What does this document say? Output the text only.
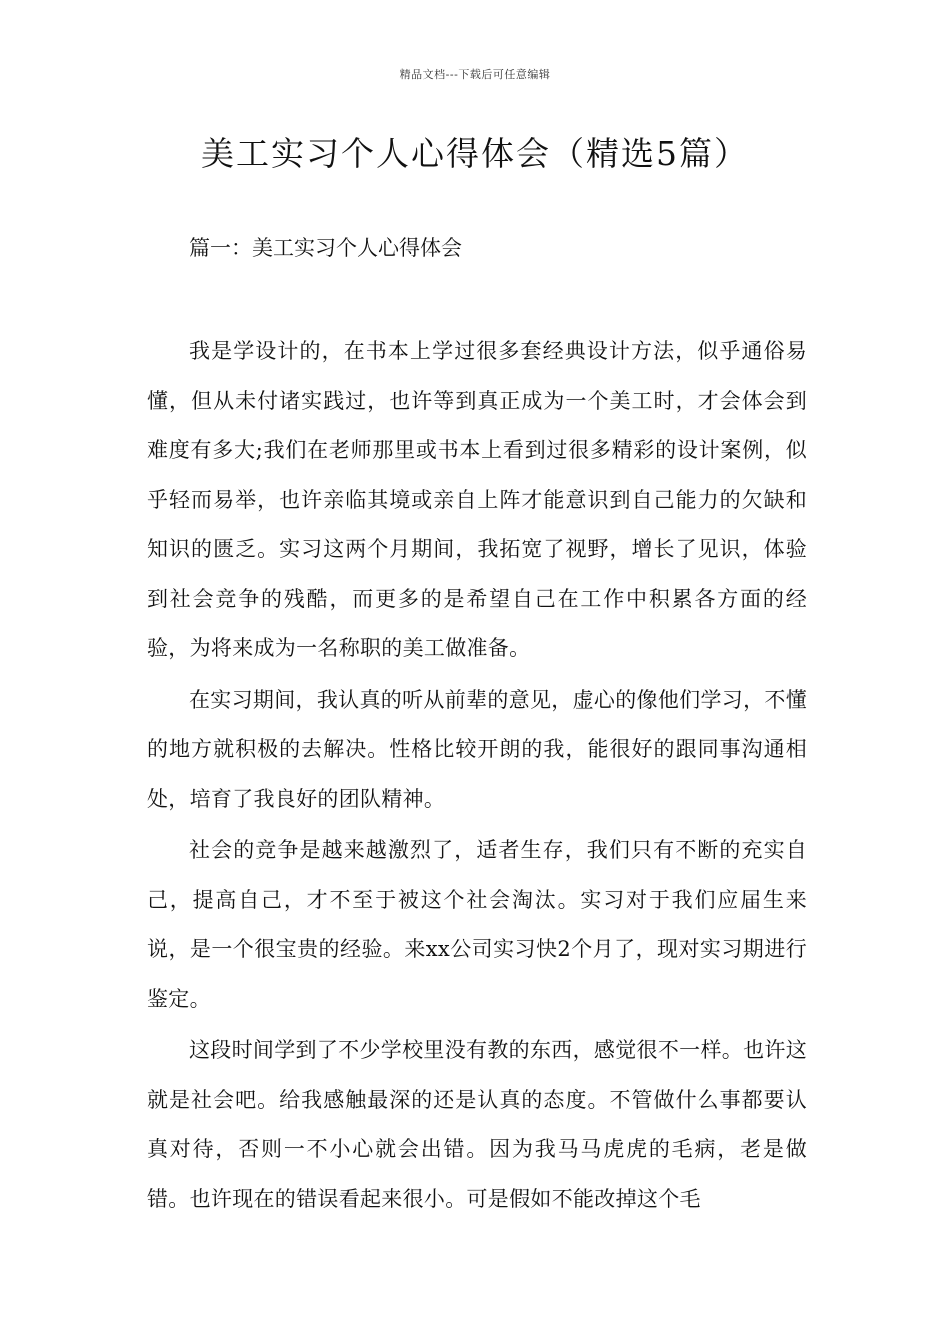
精品文档---下载后可任意编辑
美工实习个人心得体会（精选5篇）
篇一：美工实习个人心得体会

我是学设计的，在书本上学过很多套经典设计方法，似乎通俗易懂，但从未付诸实践过，也许等到真正成为一个美工时，才会体会到难度有多大;我们在老师那里或书本上看到过很多精彩的设计案例，似乎轻而易举，也许亲临其境或亲自上阵才能意识到自己能力的欠缺和知识的匮乏。实习这两个月期间，我拓宽了视野，增长了见识，体验到社会竞争的残酷，而更多的是希望自己在工作中积累各方面的经验，为将来成为一名称职的美工做准备。

在实习期间，我认真的听从前辈的意见，虚心的像他们学习，不懂的地方就积极的去解决。性格比较开朗的我，能很好的跟同事沟通相处，培育了我良好的团队精神。

社会的竞争是越来越激烈了，适者生存，我们只有不断的充实自己，提高自己，才不至于被这个社会淘汰。实习对于我们应届生来说，是一个很宝贵的经验。来xx公司实习快2个月了，现对实习期进行鉴定。

这段时间学到了不少学校里没有教的东西，感觉很不一样。也许这就是社会吧。给我感触最深的还是认真的态度。不管做什么事都要认真对待，否则一不小心就会出错。因为我马马虎虎的毛病，老是做错。也许现在的错误看起来很小。可是假如不能改掉这个毛
